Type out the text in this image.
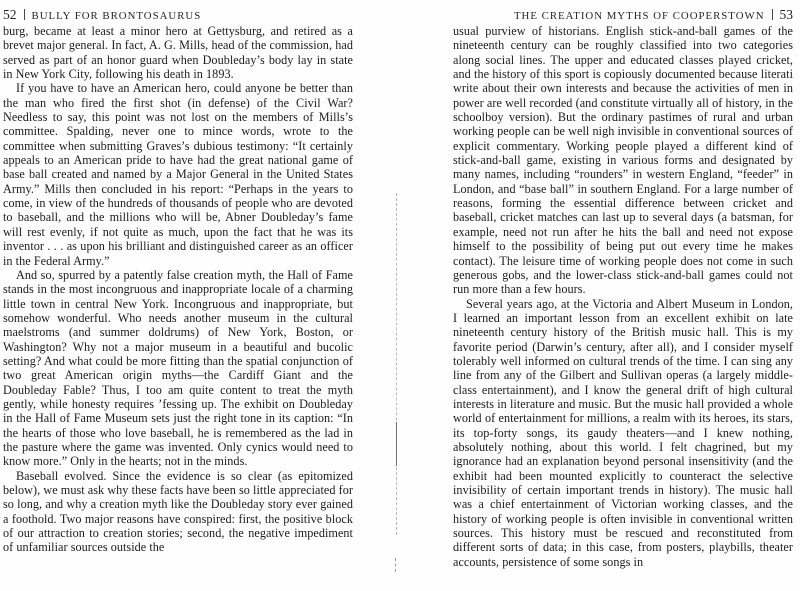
52 BULLY FOR BRONTOSAURUS	THE CREATION MYTHS OF COOPERSTOWN 53

burg, became at least a minor hero at Gettysburg, and retired as a brevet major general. In fact, A. G. Mills, head of the commission, had served as part of an honor guard when Doubleday’s body lay in state in New York City, following his death in 1893.

If you have to have an American hero, could anyone be better than the man who fired the first shot (in defense) of the Civil War? Needless to say, this point was not lost on the members of Mills’s committee. Spalding, never one to mince words, wrote to the committee when submitting Graves’s dubious testimony: “It certainly appeals to an American pride to have had the great national game of base ball created and named by a Major General in the United States Army.” Mills then concluded in his report: “Perhaps in the years to come, in view of the hundreds of thousands of people who are devoted to baseball, and the millions who will be, Abner Doubleday’s fame will rest evenly, if not quite as much, upon the fact that he was its inventor . . . as upon his brilliant and distinguished career as an officer in the Federal Army.”

And so, spurred by a patently false creation myth, the Hall of Fame stands in the most incongruous and inappropriate locale of a charming little town in central New York. Incongruous and inappropriate, but somehow wonderful. Who needs another museum in the cultural maelstroms (and summer doldrums) of New York, Boston, or Washington? Why not a major museum in a beautiful and bucolic setting? And what could be more fitting than the spatial conjunction of two great American origin myths—the Cardiff Giant and the Doubleday Fable? Thus, I too am quite content to treat the myth gently, while honesty requires ’fessing up. The exhibit on Doubleday in the Hall of Fame Museum sets just the right tone in its caption: “In the hearts of those who love baseball, he is remembered as the lad in the pasture where the game was invented. Only cynics would need to know more.” Only in the hearts; not in the minds.

Baseball evolved. Since the evidence is so clear (as epitomized below), we must ask why these facts have been so little appreciated for so long, and why a creation myth like the Doubleday story ever gained a foothold. Two major reasons have conspired: first, the positive block of our attraction to creation stories; second, the negative impediment of unfamiliar sources outside the

usual purview of historians. English stick-and-ball games of the nineteenth century can be roughly classified into two categories along social lines. The upper and educated classes played cricket, and the history of this sport is copiously documented because literati write about their own interests and because the activities of men in power are well recorded (and constitute virtually all of history, in the schoolboy version). But the ordinary pastimes of rural and urban working people can be well nigh invisible in conventional sources of explicit commentary. Working people played a different kind of stick-and-ball game, existing in various forms and designated by many names, including “rounders” in western England, “feeder” in London, and “base ball” in southern England. For a large number of reasons, forming the essential difference between cricket and baseball, cricket matches can last up to several days (a batsman, for example, need not run after he hits the ball and need not expose himself to the possibility of being put out every time he makes contact). The leisure time of working people does not come in such generous gobs, and the lower-class stick-and-ball games could not run more than a few hours.

Several years ago, at the Victoria and Albert Museum in London, I learned an important lesson from an excellent exhibit on late nineteenth century history of the British music hall. This is my favorite period (Darwin’s century, after all), and I consider myself tolerably well informed on cultural trends of the time. I can sing any line from any of the Gilbert and Sullivan operas (a largely middle-class entertainment), and I know the general drift of high cultural interests in literature and music. But the music hall provided a whole world of entertainment for millions, a realm with its heroes, its stars, its top-forty songs, its gaudy theaters—and I knew nothing, absolutely nothing, about this world. I felt chagrined, but my ignorance had an explanation beyond personal insensitivity (and the exhibit had been mounted explicitly to counteract the selective invisibility of certain important trends in history). The music hall was a chief entertainment of Victorian working classes, and the history of working people is often invisible in conventional written sources. This history must be rescued and reconstituted from different sorts of data; in this case, from posters, playbills, theater accounts, persistence of some songs in
